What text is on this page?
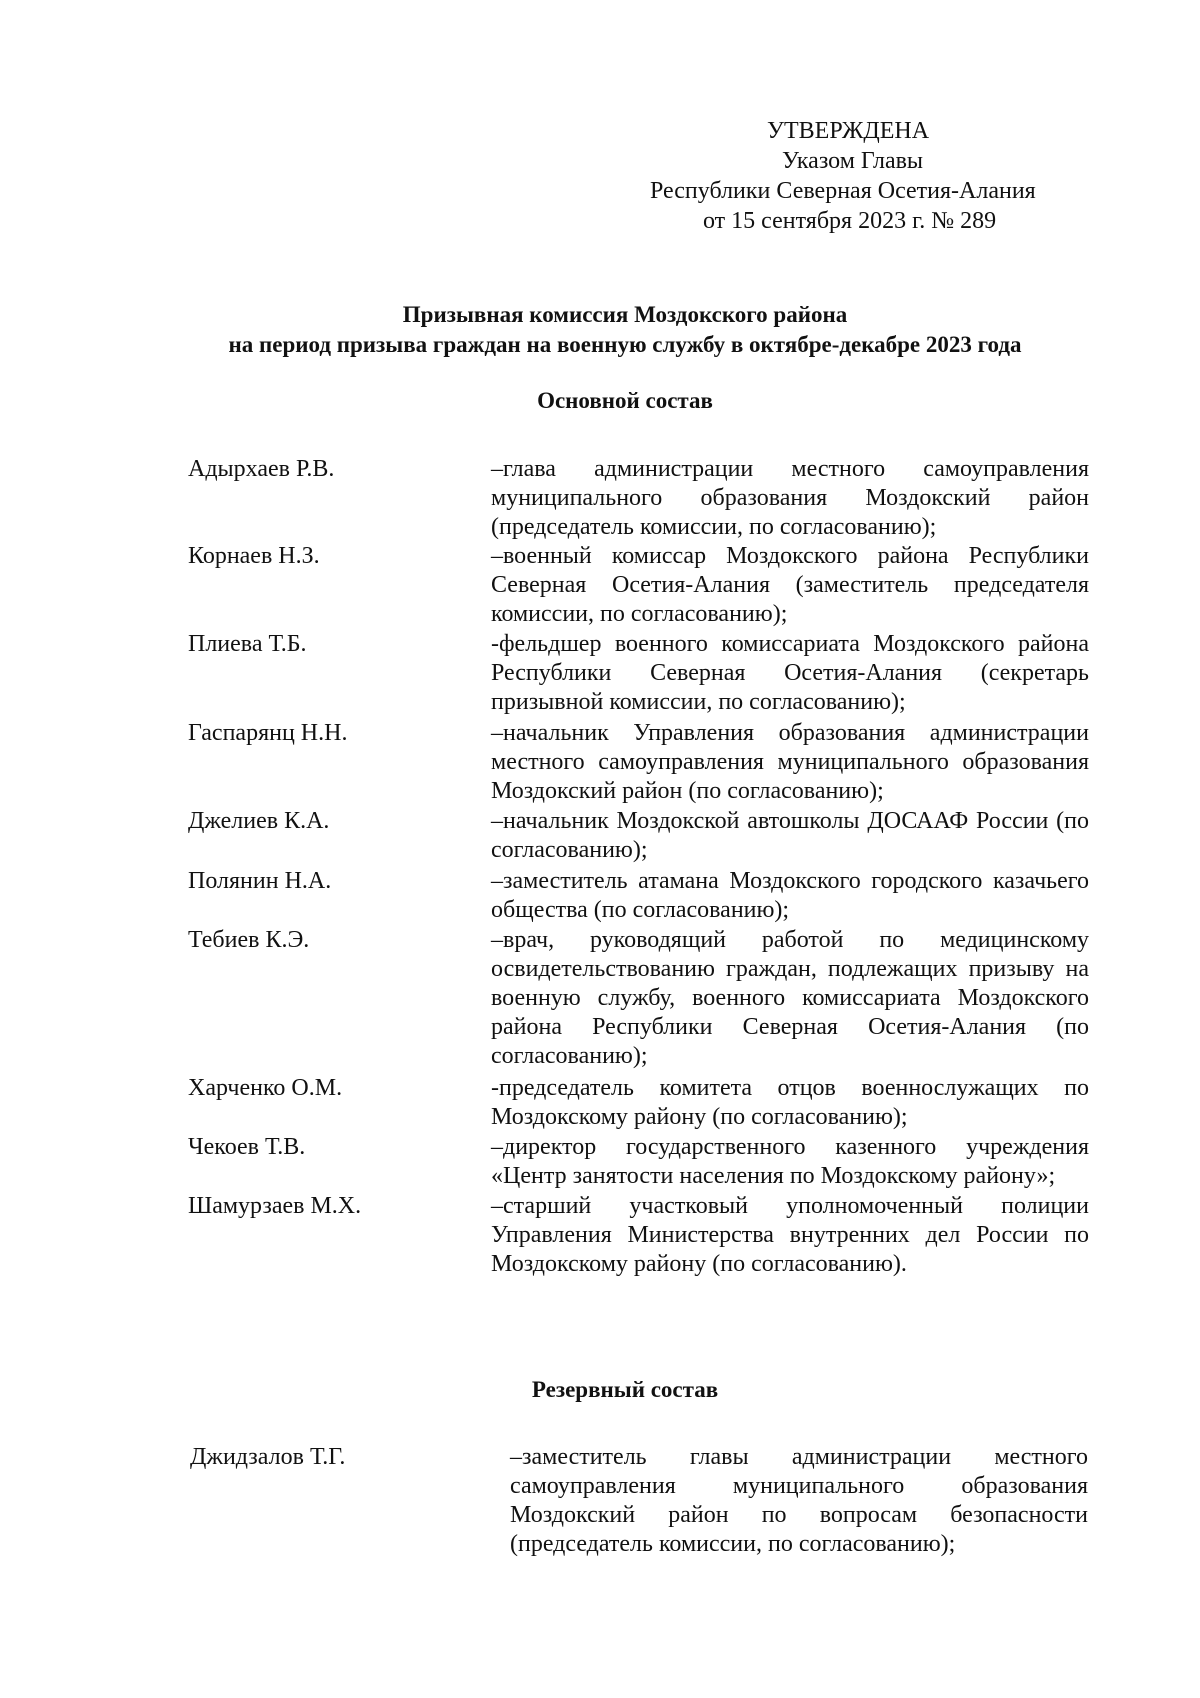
УТВЕРЖДЕНА
Указом Главы
Республики Северная Осетия-Алания
от 15 сентября 2023 г. № 289
Призывная комиссия Моздокского района
на период призыва граждан на военную службу в октябре-декабре 2023 года
Основной состав
Адырхаев Р.В.	–глава администрации местного самоуправления муниципального образования Моздокский район (председатель комиссии, по согласованию);
Корнаев Н.З.	–военный комиссар Моздокского района Республики Северная Осетия-Алания (заместитель председателя комиссии, по согласованию);
Плиева Т.Б.	-фельдшер военного комиссариата Моздокского района Республики Северная Осетия-Алания (секретарь призывной комиссии, по согласованию);
Гаспарянц Н.Н.	–начальник Управления образования администрации местного самоуправления муниципального образования Моздокский район (по согласованию);
Джелиев К.А.	–начальник Моздокской автошколы ДОСААФ России (по согласованию);
Полянин Н.А.	–заместитель атамана Моздокского городского казачьего общества (по согласованию);
Тебиев К.Э.	–врач, руководящий работой по медицинскому освидетельствованию граждан, подлежащих призыву на военную службу, военного комиссариата Моздокского района Республики Северная Осетия-Алания (по согласованию);
Харченко О.М.	-председатель комитета отцов военнослужащих по Моздокскому району (по согласованию);
Чекоев Т.В.	–директор государственного казенного учреждения «Центр занятости населения по Моздокскому району»;
Шамурзаев М.Х.	–старший участковый уполномоченный полиции Управления Министерства внутренних дел России по Моздокскому району (по согласованию).
Резервный состав
Джидзалов Т.Г.	–заместитель главы администрации местного самоуправления муниципального образования Моздокский район по вопросам безопасности (председатель комиссии, по согласованию);
